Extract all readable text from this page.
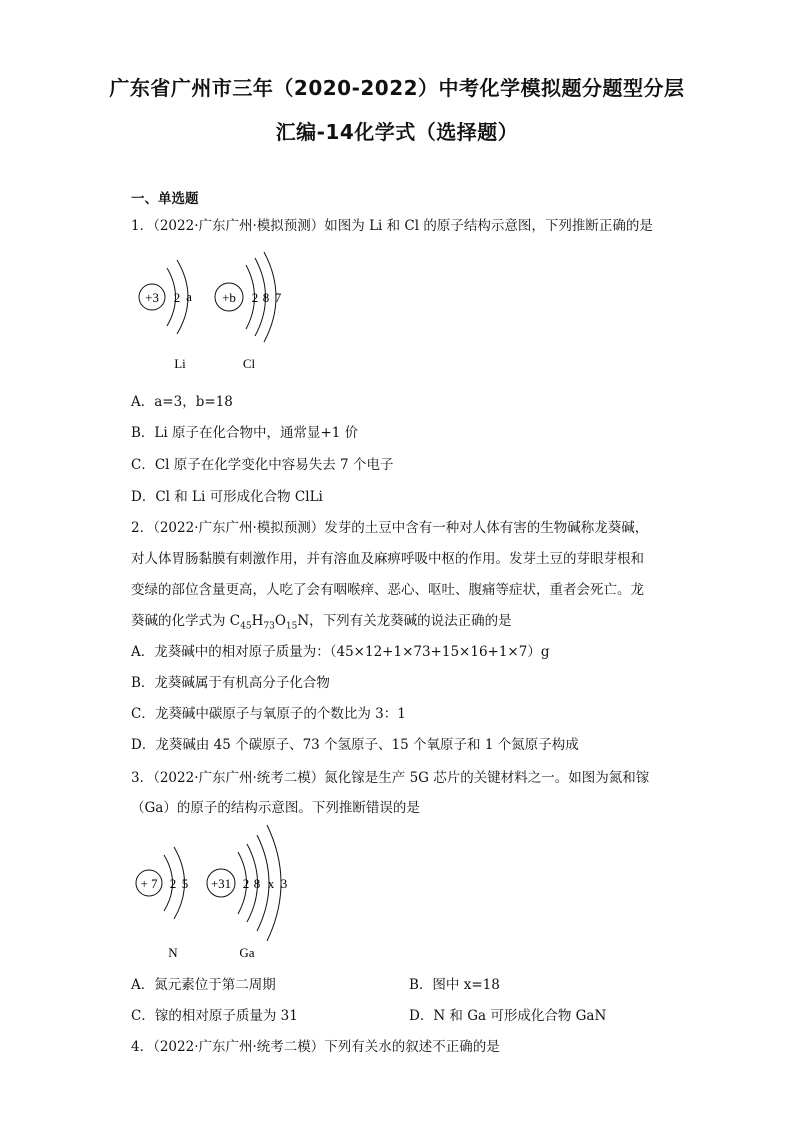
广东省广州市三年（2020-2022）中考化学模拟题分题型分层
汇编-14化学式（选择题）
一、单选题
1．（2022·广东广州·模拟预测）如图为 Li 和 Cl 的原子结构示意图，下列推断正确的是
+3 2 a +b 2 8 7
Li	Cl
A．a=3，b=18
B．Li 原子在化合物中，通常显+1 价
C．Cl 原子在化学变化中容易失去 7 个电子
D．Cl 和 Li 可形成化合物 ClLi
2．（2022·广东广州·模拟预测）发芽的土豆中含有一种对人体有害的生物碱称龙葵碱，
对人体胃肠黏膜有刺激作用，并有溶血及麻痹呼吸中枢的作用。发芽土豆的芽眼芽根和
变绿的部位含量更高，人吃了会有咽喉痒、恶心、呕吐、腹痛等症状，重者会死亡。龙
葵碱的化学式为 $C_{45}H_{73}O_{15}N$，下列有关龙葵碱的说法正确的是
A．龙葵碱中的相对原子质量为：（45×12+1×73+15×16+1×7）g
B．龙葵碱属于有机高分子化合物
C．龙葵碱中碳原子与氧原子的个数比为 3：1
D．龙葵碱由 45 个碳原子、73 个氢原子、15 个氧原子和 1 个氮原子构成
3．（2022·广东广州·统考二模）氮化镓是生产 5G 芯片的关键材料之一。如图为氮和镓
（Ga）的原子的结构示意图。下列推断错误的是
+ 7 2 5 +31 2 8 x 3
N	Ga
A．氮元素位于第二周期	B．图中 x=18
C．镓的相对原子质量为 31	D．N 和 Ga 可形成化合物 GaN
4．（2022·广东广州·统考二模）下列有关水的叙述不正确的是
